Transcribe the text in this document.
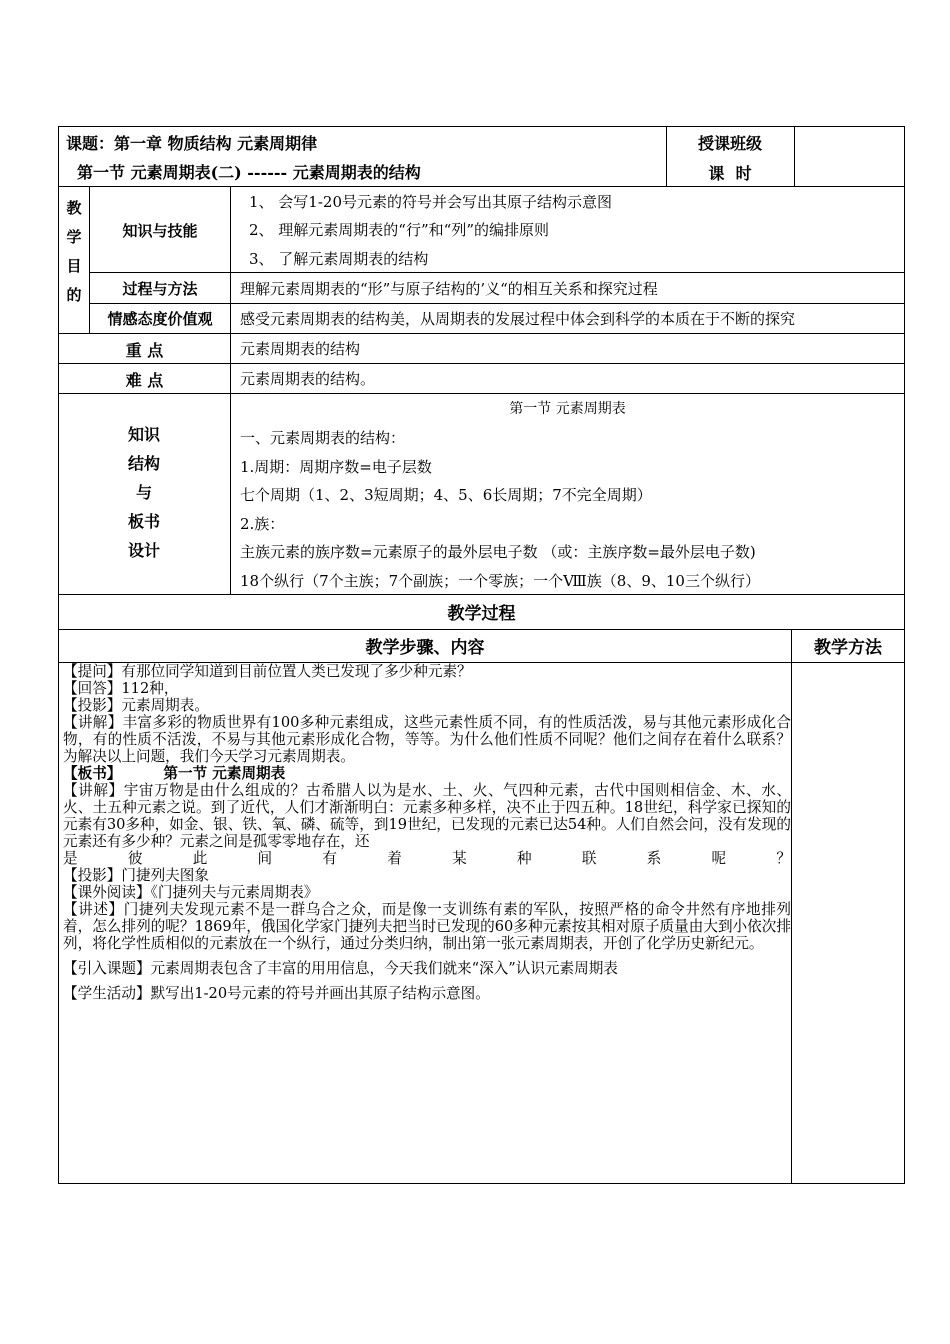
课题：第一章 物质结构 元素周期律
第一节 元素周期表(二) ------ 元素周期表的结构
授课班级
课  时
教
学
目
的
知识与技能
1、 会写1-20号元素的符号并会写出其原子结构示意图
2、 理解元素周期表的“行”和“列”的编排原则
3、 了解元素周期表的结构
过程与方法	理解元素周期表的“形”与原子结构的’义“的相互关系和探究过程
情感态度价值观	感受元素周期表的结构美，从周期表的发展过程中体会到科学的本质在于不断的探究
重 点	元素周期表的结构
难 点	元素周期表的结构。
知识
结构
与
板书
设计
第一节 元素周期表
一、元素周期表的结构：
1.周期：周期序数=电子层数
七个周期（1、2、3短周期；4、5、6长周期；7不完全周期）
2.族：
主族元素的族序数=元素原子的最外层电子数 （或：主族序数=最外层电子数)
18个纵行（7个主族；7个副族；一个零族；一个Ⅷ族（8、9、10三个纵行）
教学过程
教学步骤、内容	教学方法

【提问】有那位同学知道到目前位置人类已发现了多少种元素？

【回答】112种，

【投影】元素周期表。

【讲解】丰富多彩的物质世界有100多种元素组成，这些元素性质不同，有的性质活泼，易与其他元素形成化合物，有的性质不活泼，不易与其他元素形成化合物，等等。为什么他们性质不同呢？他们之间存在着什么联系？为解决以上问题，我们今天学习元素周期表。

【板书】	第一节 元素周期表

【讲解】宇宙万物是由什么组成的？古希腊人以为是水、土、火、气四种元素，古代中国则相信金、木、水、火、土五种元素之说。到了近代，人们才渐渐明白：元素多种多样，决不止于四五种。18世纪，科学家已探知的元素有30多种，如金、银、铁、氧、磷、硫等，到19世纪，已发现的元素已达54种。人们自然会问，没有发现的元素还有多少种？元素之间是孤零零地存在，还

是彼此间有着某种联系呢？

【投影】门捷列夫图象

【课外阅读】《门捷列夫与元素周期表》

【讲述】门捷列夫发现元素不是一群乌合之众，而是像一支训练有素的军队，按照严格的命令井然有序地排列着，怎么排列的呢？1869年，俄国化学家门捷列夫把当时已发现的60多种元素按其相对原子质量由大到小依次排列，将化学性质相似的元素放在一个纵行，通过分类归纳，制出第一张元素周期表，开创了化学历史新纪元。

【引入课题】元素周期表包含了丰富的用用信息，今天我们就来“深入”认识元素周期表

【学生活动】默写出1-20号元素的符号并画出其原子结构示意图。
